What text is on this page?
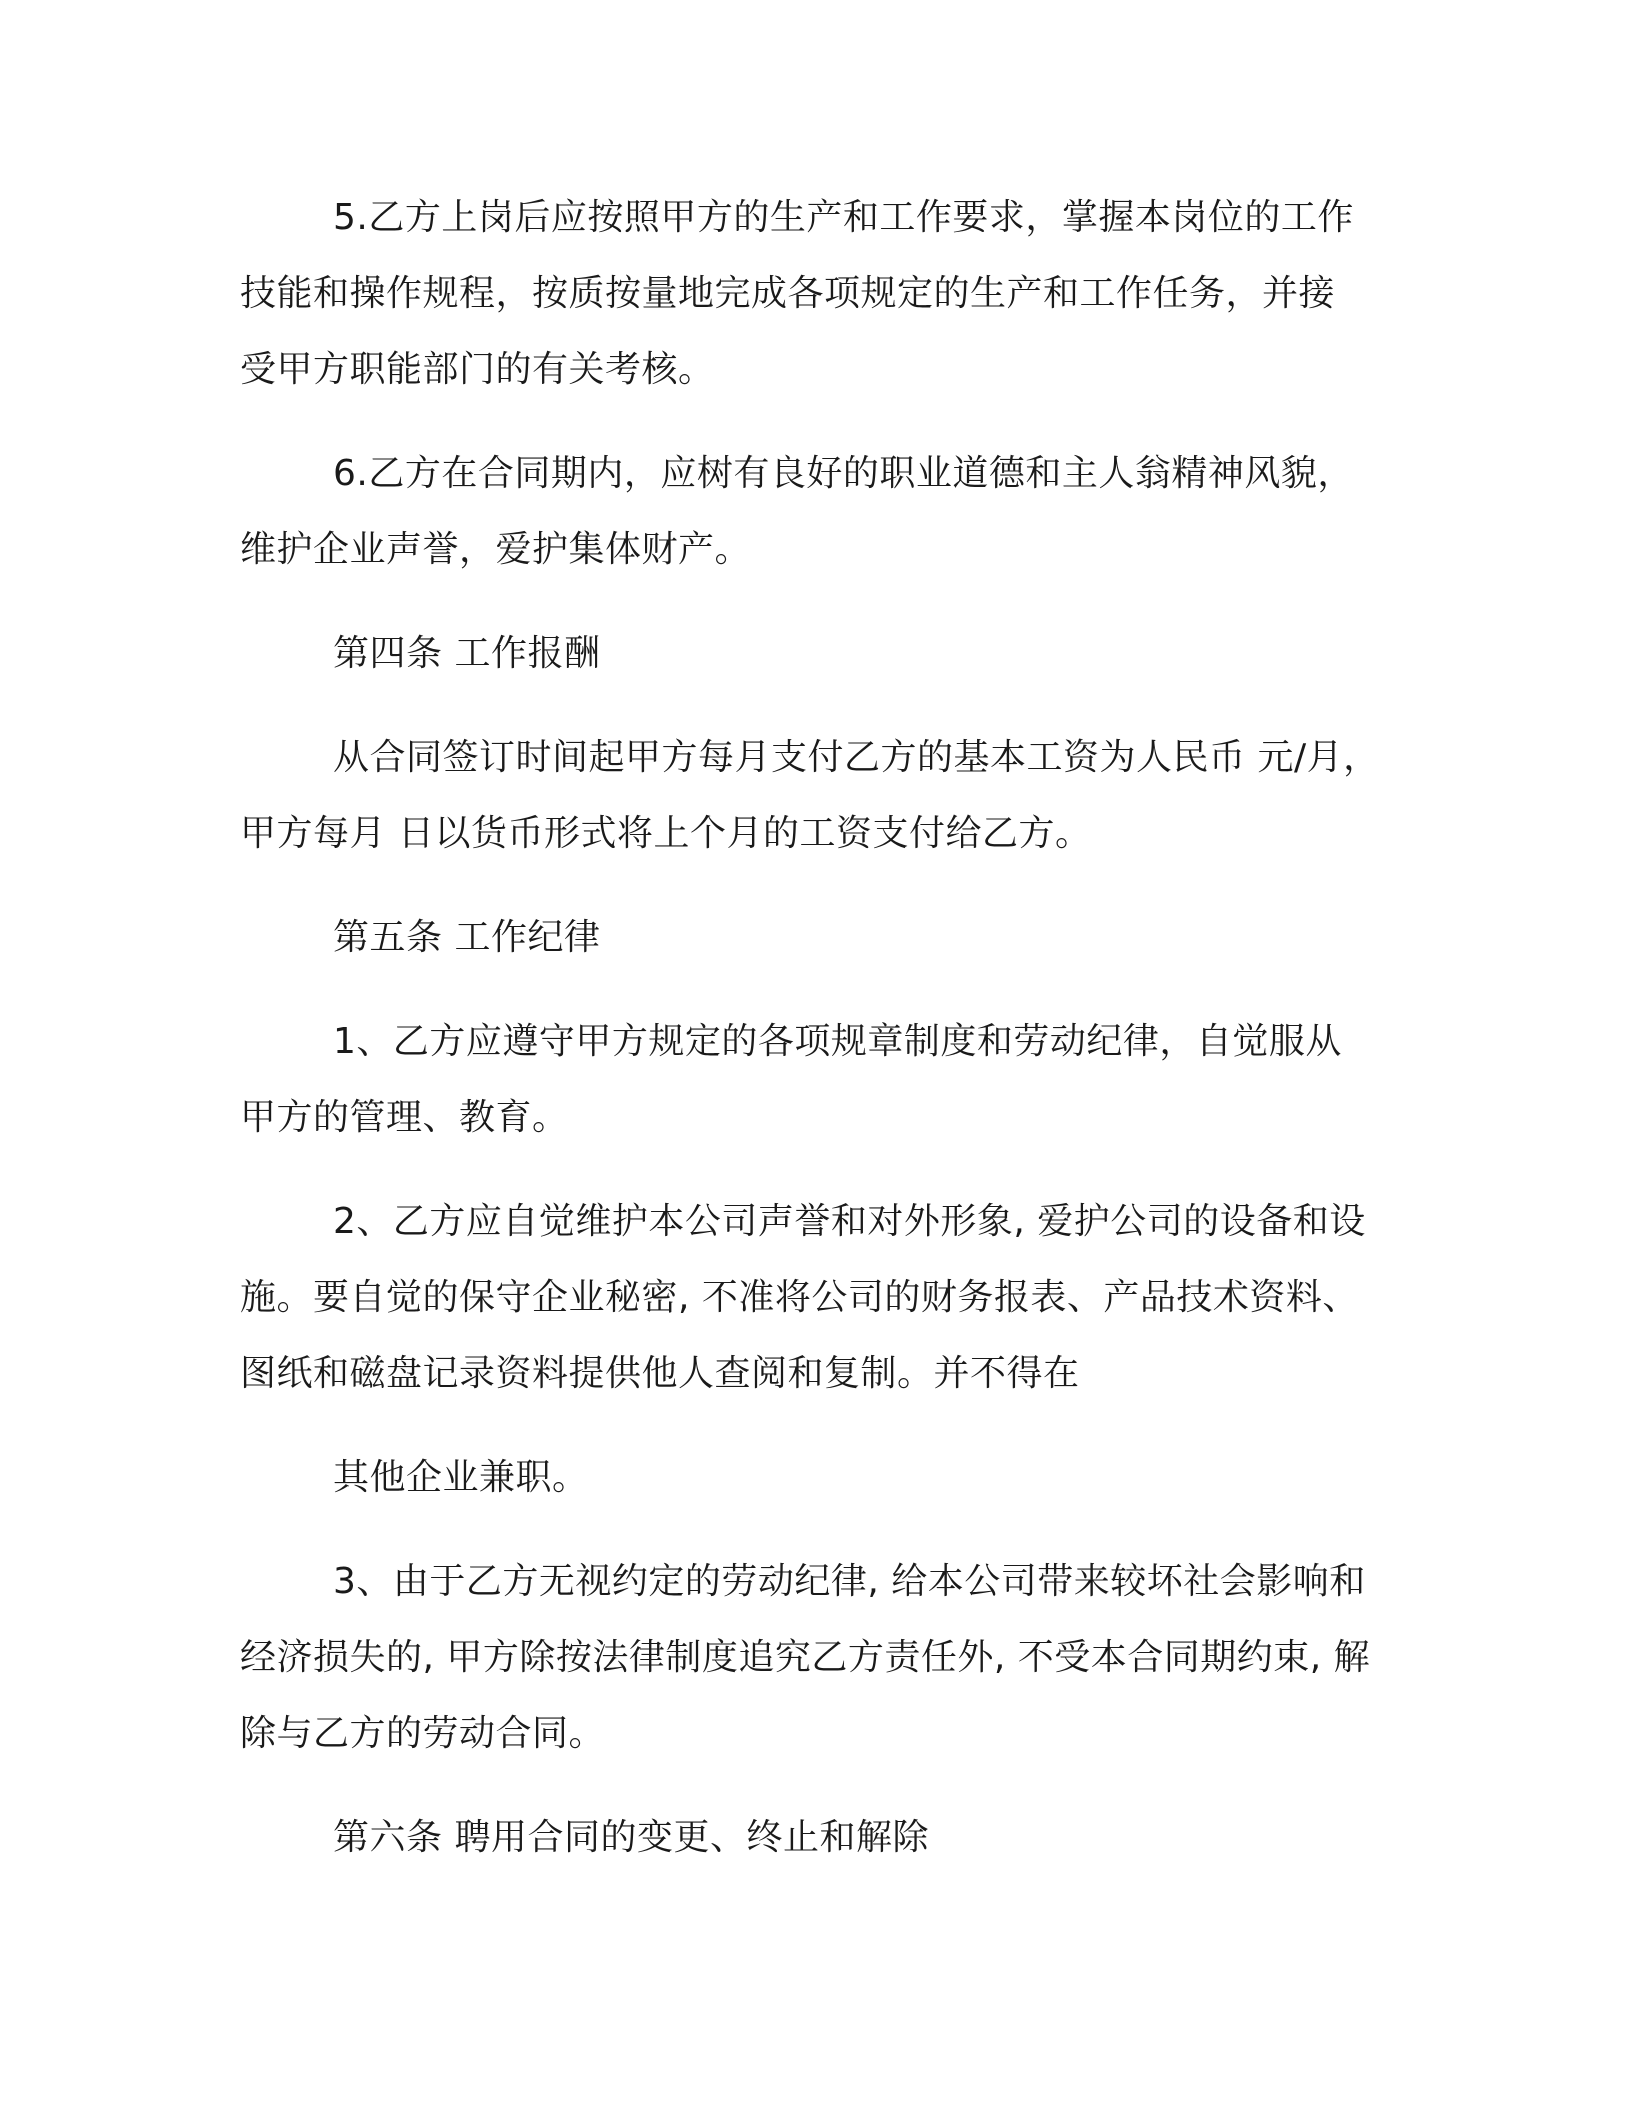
5.乙方上岗后应按照甲方的生产和工作要求，掌握本岗位的工作
技能和操作规程，按质按量地完成各项规定的生产和工作任务，并接
受甲方职能部门的有关考核。
6.乙方在合同期内，应树有良好的职业道德和主人翁精神风貌，
维护企业声誉，爱护集体财产。
第四条 工作报酬
从合同签订时间起甲方每月支付乙方的基本工资为人民币 元/月，
甲方每月 日以货币形式将上个月的工资支付给乙方。
第五条 工作纪律
1、乙方应遵守甲方规定的各项规章制度和劳动纪律，自觉服从
甲方的管理、教育。
2、乙方应自觉维护本公司声誉和对外形象, 爱护公司的设备和设
施。要自觉的保守企业秘密, 不准将公司的财务报表、产品技术资料、
图纸和磁盘记录资料提供他人查阅和复制。并不得在
其他企业兼职。
3、由于乙方无视约定的劳动纪律, 给本公司带来较坏社会影响和
经济损失的, 甲方除按法律制度追究乙方责任外, 不受本合同期约束, 解
除与乙方的劳动合同。
第六条 聘用合同的变更、终止和解除
